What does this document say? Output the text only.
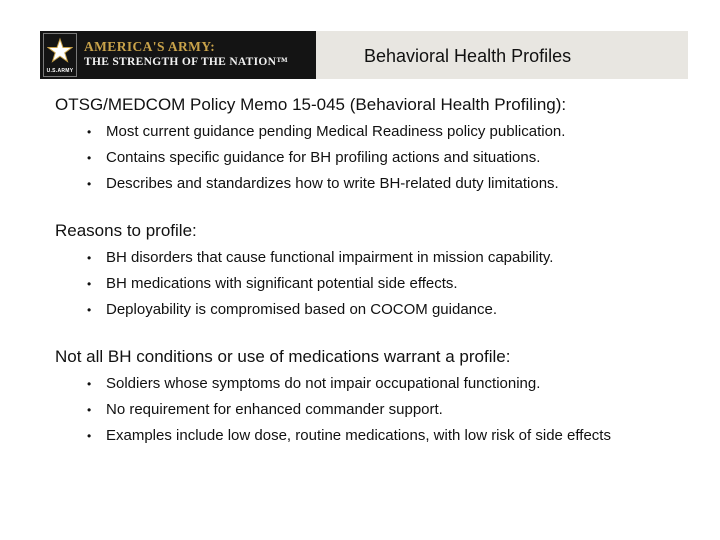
U.S.ARMY
AMERICA'S ARMY:
THE STRENGTH OF THE NATION™	Behavioral Health Profiles
OTSG/MEDCOM Policy Memo 15-045 (Behavioral Health Profiling):
• Most current guidance pending Medical Readiness policy publication.
• Contains specific guidance for BH profiling actions and situations.
• Describes and standardizes how to write BH-related duty limitations.
Reasons to profile:
• BH disorders that cause functional impairment in mission capability.
• BH medications with significant potential side effects.
• Deployability is compromised based on COCOM guidance.
Not all BH conditions or use of medications warrant a profile:
• Soldiers whose symptoms do not impair occupational functioning.
• No requirement for enhanced commander support.
• Examples include low dose, routine medications, with low risk of side effects
